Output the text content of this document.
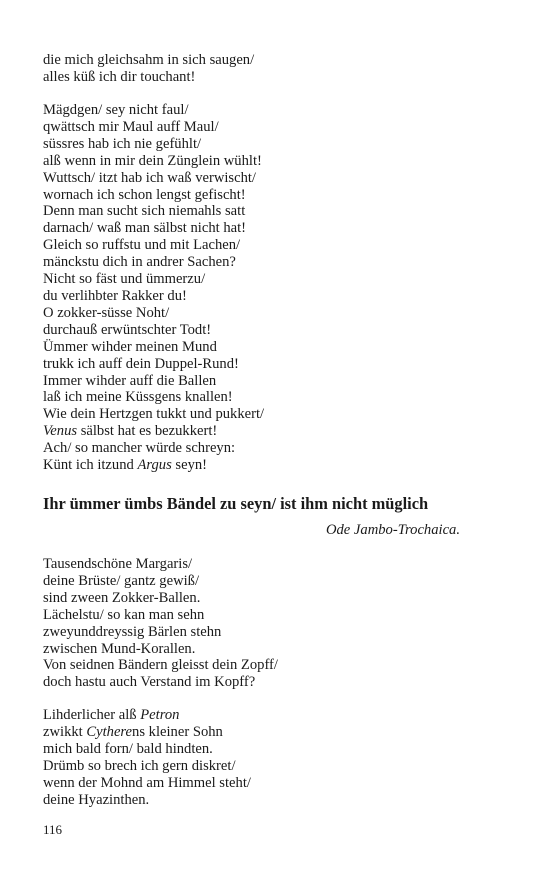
die mich gleichsahm in sich saugen/
alles küß ich dir touchant!
Mägdgen/ sey nicht faul/
qwättsch mir Maul auff Maul/
süssres hab ich nie gefühlt/
alß wenn in mir dein Zünglein wühlt!
Wuttsch/ itzt hab ich waß verwischt/
wornach ich schon lengst gefischt!
Denn man sucht sich niemahls satt
darnach/ waß man sälbst nicht hat!
Gleich so ruffstu und mit Lachen/
mänckstu dich in andrer Sachen?
Nicht so fäst und ümmerzu/
du verlihbter Rakker du!
O zokker-süsse Noht/
durchauß erwüntschter Todt!
Ümmer wihder meinen Mund
trukk ich auff dein Duppel-Rund!
Immer wihder auff die Ballen
laß ich meine Küssgens knallen!
Wie dein Hertzgen tukkt und pukkert/
Venus sälbst hat es bezukkert!
Ach/ so mancher würde schreyn:
Künt ich itzund Argus seyn!
Ihr ümmer ümbs Bändel zu seyn/ ist ihm nicht müglich

Ode Jambo-Trochaica.

Tausendschöne Margaris/
deine Brüste/ gantz gewiß/
sind zween Zokker-Ballen.
Lächelstu/ so kan man sehn
zweyunddreyssig Bärlen stehn
zwischen Mund-Korallen.
Von seidnen Bändern gleisst dein Zopff/
doch hastu auch Verstand im Kopff?
Lihderlicher alß Petron
zwikkt Cytherens kleiner Sohn
mich bald forn/ bald hindten.
Drümb so brech ich gern diskret/
wenn der Mohnd am Himmel steht/
deine Hyazinthen.
116
